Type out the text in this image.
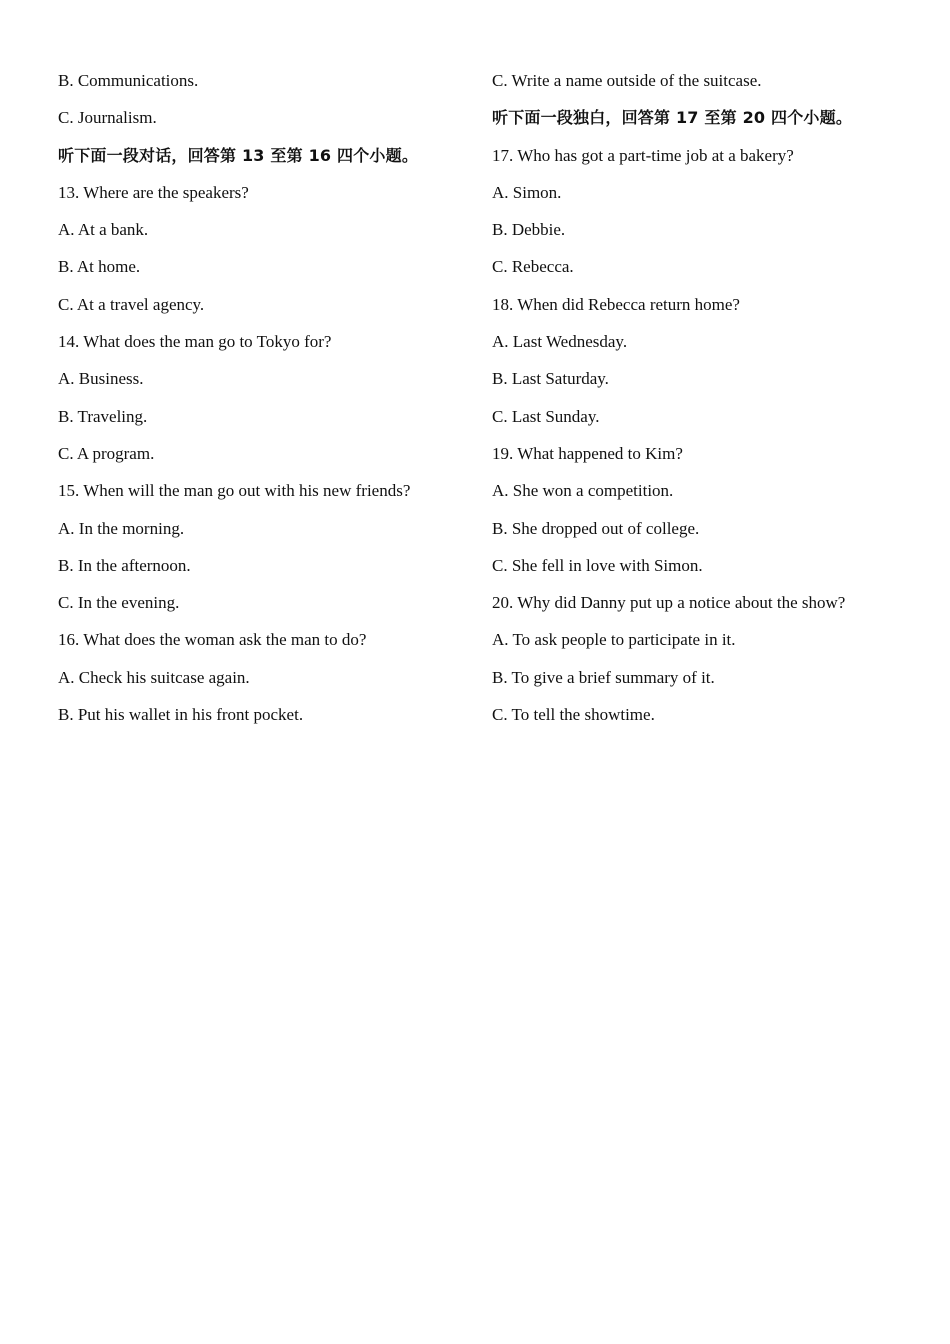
B. Communications.
C. Journalism.
听下面一段对话，回答第 13 至第 16 四个小题。
13. Where are the speakers?
A. At a bank.
B. At home.
C. At a travel agency.
14. What does the man go to Tokyo for?
A. Business.
B. Traveling.
C. A program.
15. When will the man go out with his new friends?
A. In the morning.
B. In the afternoon.
C. In the evening.
16. What does the woman ask the man to do?
A. Check his suitcase again.
B. Put his wallet in his front pocket.
C. Write a name outside of the suitcase.
听下面一段独白，回答第 17 至第 20 四个小题。
17. Who has got a part-time job at a bakery?
A. Simon.
B. Debbie.
C. Rebecca.
18. When did Rebecca return home?
A. Last Wednesday.
B. Last Saturday.
C. Last Sunday.
19. What happened to Kim?
A. She won a competition.
B. She dropped out of college.
C. She fell in love with Simon.
20. Why did Danny put up a notice about the show?
A. To ask people to participate in it.
B. To give a brief summary of it.
C. To tell the showtime.
